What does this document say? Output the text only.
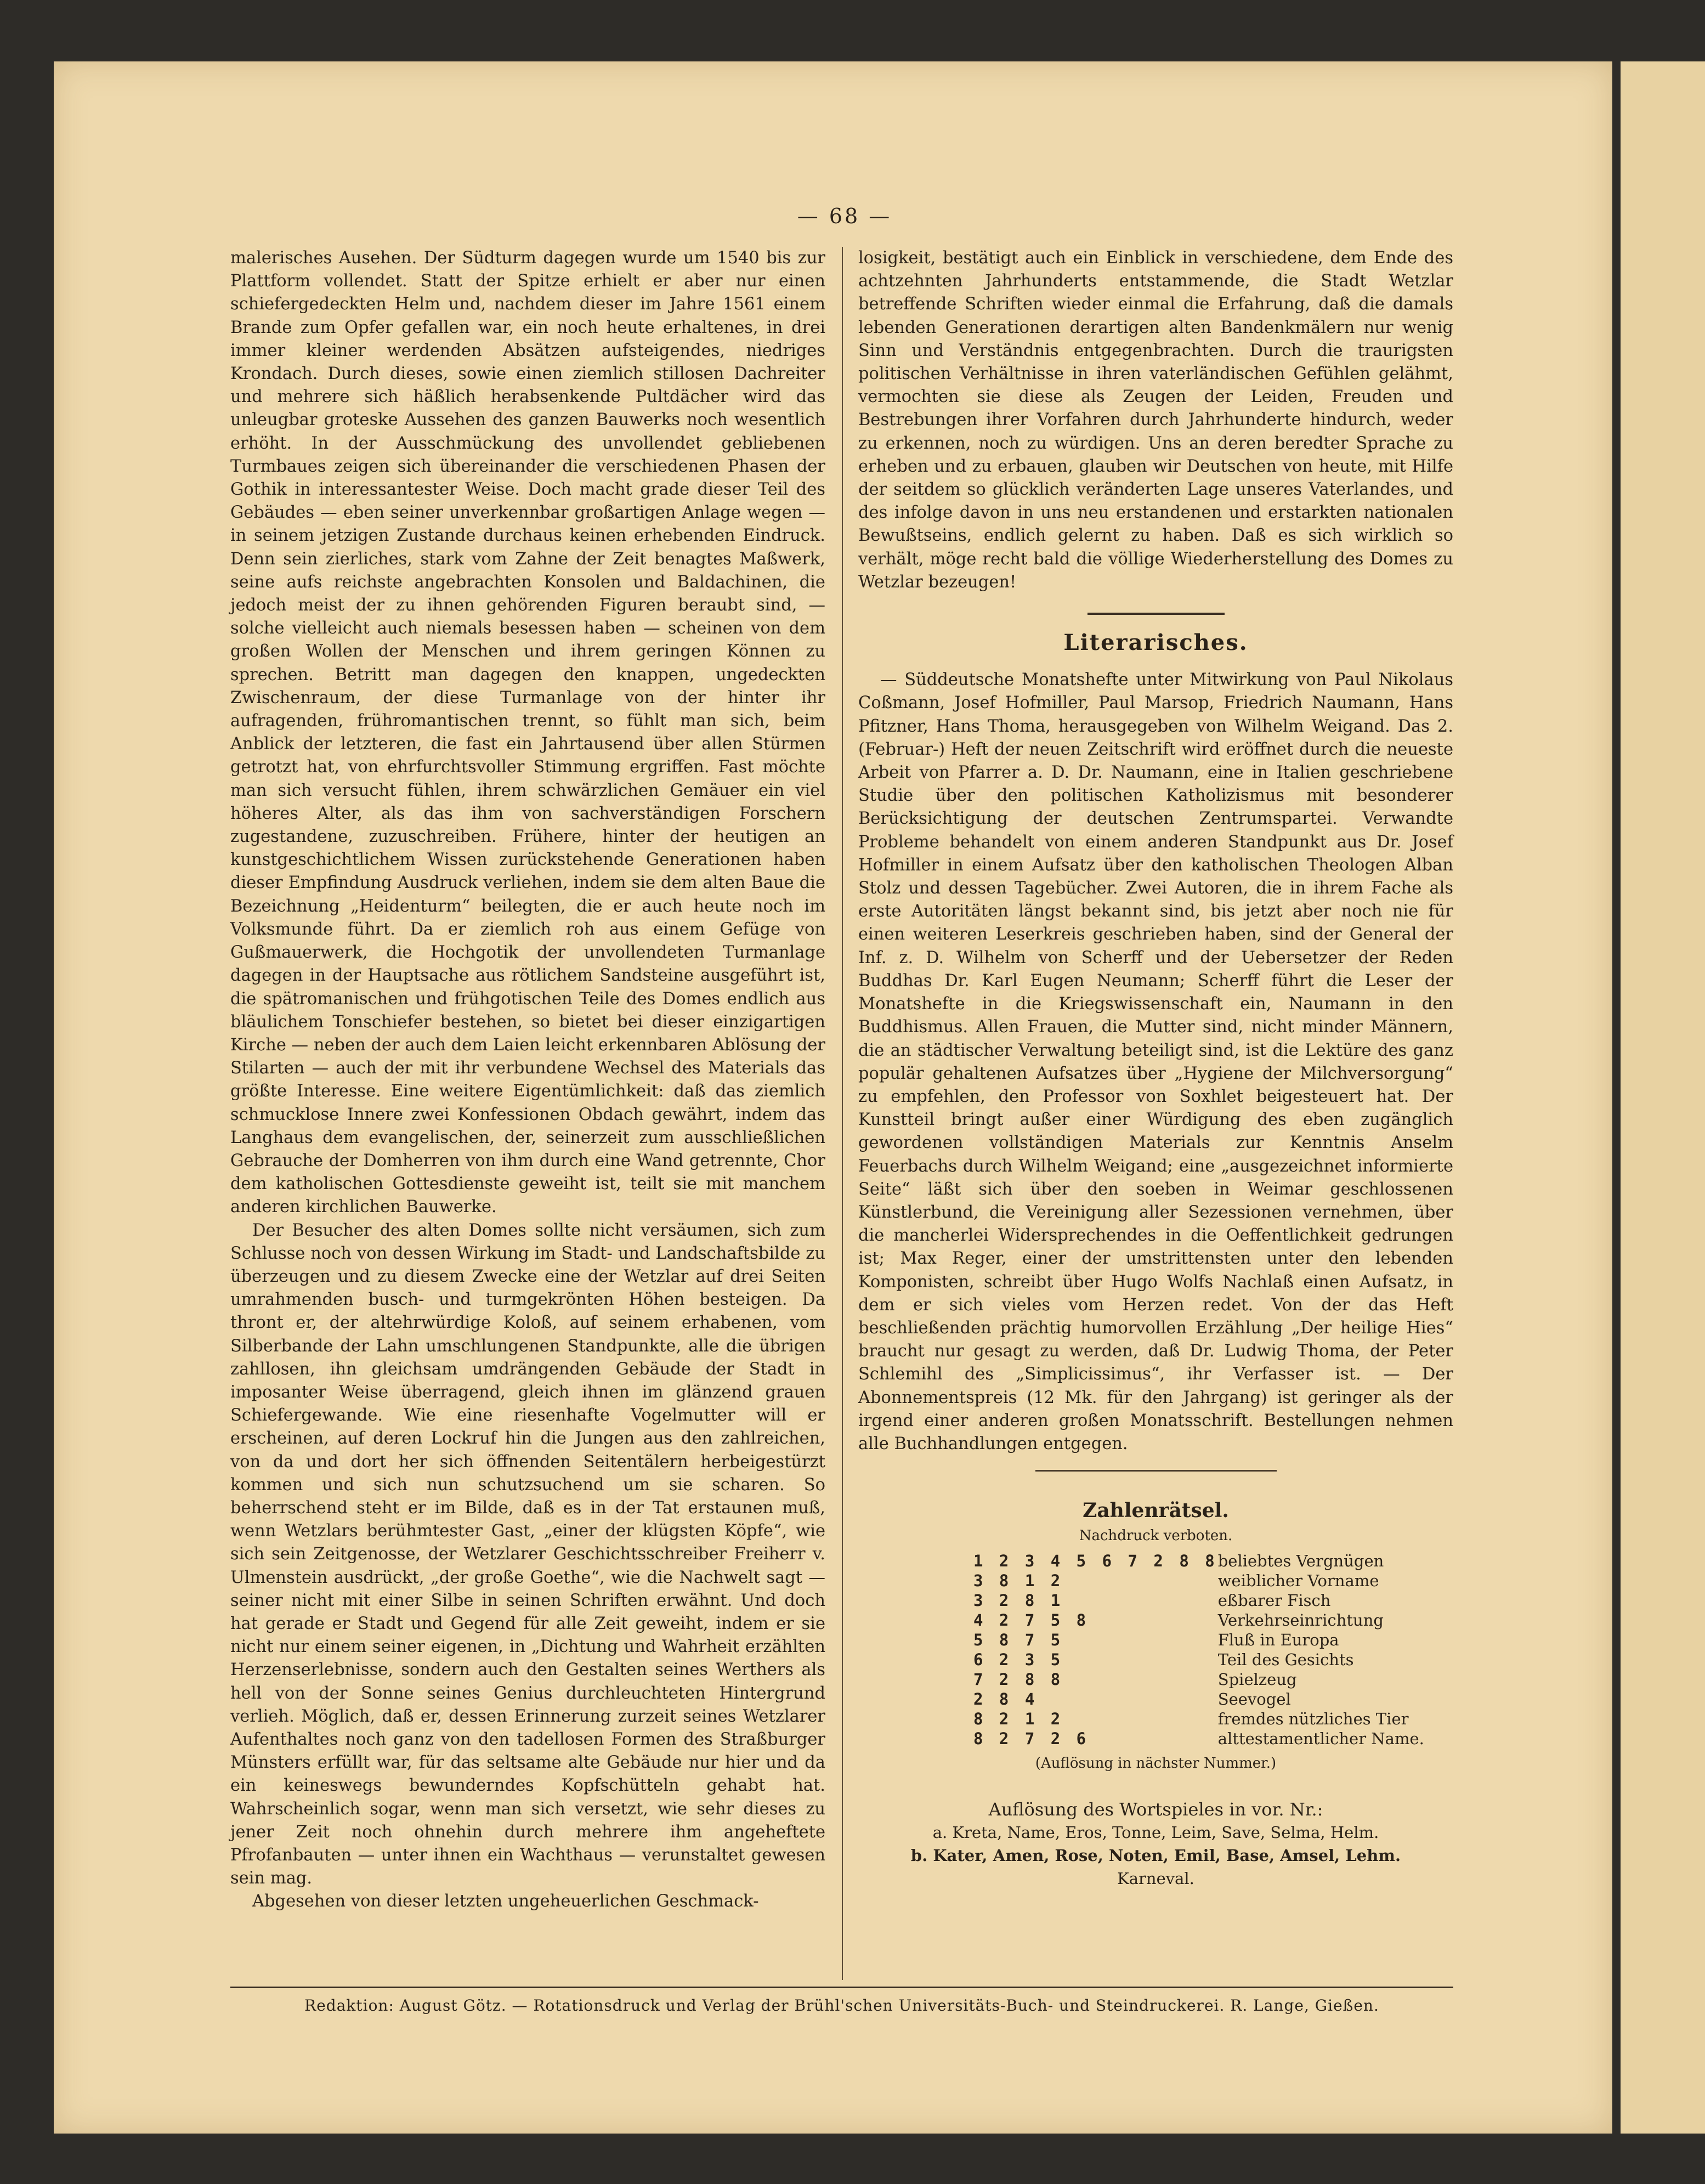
— 68 —

malerisches Ausehen. Der Südturm dagegen wurde um 1540 bis zur Plattform vollendet. Statt der Spitze erhielt er aber nur einen schiefergedeckten Helm und, nachdem dieser im Jahre 1561 einem Brande zum Opfer gefallen war, ein noch heute erhaltenes, in drei immer kleiner werdenden Absätzen aufsteigendes, niedriges Krondach. Durch dieses, sowie einen ziemlich stillosen Dachreiter und mehrere sich häßlich herabsenkende Pultdächer wird das unleugbar groteske Aussehen des ganzen Bauwerks noch wesentlich erhöht. In der Ausschmückung des unvollendet gebliebenen Turmbaues zeigen sich übereinander die verschiedenen Phasen der Gothik in interessantester Weise. Doch macht grade dieser Teil des Gebäudes — eben seiner unverkennbar großartigen Anlage wegen — in seinem jetzigen Zustande durchaus keinen erhebenden Eindruck. Denn sein zierliches, stark vom Zahne der Zeit benagtes Maßwerk, seine aufs reichste angebrachten Konsolen und Baldachinen, die jedoch meist der zu ihnen gehörenden Figuren beraubt sind, — solche vielleicht auch niemals besessen haben — scheinen von dem großen Wollen der Menschen und ihrem geringen Können zu sprechen. Betritt man dagegen den knappen, ungedeckten Zwischenraum, der diese Turmanlage von der hinter ihr aufragenden, frühromantischen trennt, so fühlt man sich, beim Anblick der letzteren, die fast ein Jahrtausend über allen Stürmen getrotzt hat, von ehrfurchtsvoller Stimmung ergriffen. Fast möchte man sich versucht fühlen, ihrem schwärzlichen Gemäuer ein viel höheres Alter, als das ihm von sachverständigen Forschern zugestandene, zuzuschreiben. Frühere, hinter der heutigen an kunstgeschichtlichem Wissen zurückstehende Generationen haben dieser Empfindung Ausdruck verliehen, indem sie dem alten Baue die Bezeichnung „Heidenturm“ beilegten, die er auch heute noch im Volksmunde führt. Da er ziemlich roh aus einem Gefüge von Gußmauerwerk, die Hochgotik der unvollendeten Turmanlage dagegen in der Hauptsache aus rötlichem Sandsteine ausgeführt ist, die spätromanischen und frühgotischen Teile des Domes endlich aus bläulichem Tonschiefer bestehen, so bietet bei dieser einzigartigen Kirche — neben der auch dem Laien leicht erkennbaren Ablösung der Stilarten — auch der mit ihr verbundene Wechsel des Materials das größte Interesse. Eine weitere Eigentümlichkeit: daß das ziemlich schmucklose Innere zwei Konfessionen Obdach gewährt, indem das Langhaus dem evangelischen, der, seinerzeit zum ausschließlichen Gebrauche der Domherren von ihm durch eine Wand getrennte, Chor dem katholischen Gottesdienste geweiht ist, teilt sie mit manchem anderen kirchlichen Bauwerke.

Der Besucher des alten Domes sollte nicht versäumen, sich zum Schlusse noch von dessen Wirkung im Stadt- und Landschaftsbilde zu überzeugen und zu diesem Zwecke eine der Wetzlar auf drei Seiten umrahmenden busch- und turmgekrönten Höhen besteigen. Da thront er, der altehrwürdige Koloß, auf seinem erhabenen, vom Silberbande der Lahn umschlungenen Standpunkte, alle die übrigen zahllosen, ihn gleichsam umdrängenden Gebäude der Stadt in imposanter Weise überragend, gleich ihnen im glänzend grauen Schiefergewande. Wie eine riesenhafte Vogelmutter will er erscheinen, auf deren Lockruf hin die Jungen aus den zahlreichen, von da und dort her sich öffnenden Seitentälern herbeigestürzt kommen und sich nun schutzsuchend um sie scharen. So beherrschend steht er im Bilde, daß es in der Tat erstaunen muß, wenn Wetzlars berühmtester Gast, „einer der klügsten Köpfe“, wie sich sein Zeitgenosse, der Wetzlarer Geschichtsschreiber Freiherr v. Ulmenstein ausdrückt, „der große Goethe“, wie die Nachwelt sagt — seiner nicht mit einer Silbe in seinen Schriften erwähnt. Und doch hat gerade er Stadt und Gegend für alle Zeit geweiht, indem er sie nicht nur einem seiner eigenen, in „Dichtung und Wahrheit erzählten Herzenserlebnisse, sondern auch den Gestalten seines Werthers als hell von der Sonne seines Genius durchleuchteten Hintergrund verlieh. Möglich, daß er, dessen Erinnerung zurzeit seines Wetzlarer Aufenthaltes noch ganz von den tadellosen Formen des Straßburger Münsters erfüllt war, für das seltsame alte Gebäude nur hier und da ein keineswegs bewunderndes Kopfschütteln gehabt hat. Wahrscheinlich sogar, wenn man sich versetzt, wie sehr dieses zu jener Zeit noch ohnehin durch mehrere ihm angeheftete Pfrofanbauten — unter ihnen ein Wachthaus — verunstaltet gewesen sein mag.

Abgesehen von dieser letzten ungeheuerlichen Geschmack-

losigkeit, bestätigt auch ein Einblick in verschiedene, dem Ende des achtzehnten Jahrhunderts entstammende, die Stadt Wetzlar betreffende Schriften wieder einmal die Erfahrung, daß die damals lebenden Generationen derartigen alten Bandenkmälern nur wenig Sinn und Verständnis entgegenbrachten. Durch die traurigsten politischen Verhältnisse in ihren vaterländischen Gefühlen gelähmt, vermochten sie diese als Zeugen der Leiden, Freuden und Bestrebungen ihrer Vorfahren durch Jahrhunderte hindurch, weder zu erkennen, noch zu würdigen. Uns an deren beredter Sprache zu erheben und zu erbauen, glauben wir Deutschen von heute, mit Hilfe der seitdem so glücklich veränderten Lage unseres Vaterlandes, und des infolge davon in uns neu erstandenen und erstarkten nationalen Bewußtseins, endlich gelernt zu haben. Daß es sich wirklich so verhält, möge recht bald die völlige Wiederherstellung des Domes zu Wetzlar bezeugen!

Literarisches.

— Süddeutsche Monatshefte unter Mitwirkung von Paul Nikolaus Coßmann, Josef Hofmiller, Paul Marsop, Friedrich Naumann, Hans Pfitzner, Hans Thoma, herausgegeben von Wilhelm Weigand. Das 2. (Februar-) Heft der neuen Zeitschrift wird eröffnet durch die neueste Arbeit von Pfarrer a. D. Dr. Naumann, eine in Italien geschriebene Studie über den politischen Katholizismus mit besonderer Berücksichtigung der deutschen Zentrumspartei. Verwandte Probleme behandelt von einem anderen Standpunkt aus Dr. Josef Hofmiller in einem Aufsatz über den katholischen Theologen Alban Stolz und dessen Tagebücher. Zwei Autoren, die in ihrem Fache als erste Autoritäten längst bekannt sind, bis jetzt aber noch nie für einen weiteren Leserkreis geschrieben haben, sind der General der Inf. z. D. Wilhelm von Scherff und der Uebersetzer der Reden Buddhas Dr. Karl Eugen Neumann; Scherff führt die Leser der Monatshefte in die Kriegswissenschaft ein, Naumann in den Buddhismus. Allen Frauen, die Mutter sind, nicht minder Männern, die an städtischer Verwaltung beteiligt sind, ist die Lektüre des ganz populär gehaltenen Aufsatzes über „Hygiene der Milchversorgung“ zu empfehlen, den Professor von Soxhlet beigesteuert hat. Der Kunstteil bringt außer einer Würdigung des eben zugänglich gewordenen vollständigen Materials zur Kenntnis Anselm Feuerbachs durch Wilhelm Weigand; eine „ausgezeichnet informierte Seite“ läßt sich über den soeben in Weimar geschlossenen Künstlerbund, die Vereinigung aller Sezessionen vernehmen, über die mancherlei Widersprechendes in die Oeffentlichkeit gedrungen ist; Max Reger, einer der umstrittensten unter den lebenden Komponisten, schreibt über Hugo Wolfs Nachlaß einen Aufsatz, in dem er sich vieles vom Herzen redet. Von der das Heft beschließenden prächtig humorvollen Erzählung „Der heilige Hies“ braucht nur gesagt zu werden, daß Dr. Ludwig Thoma, der Peter Schlemihl des „Simplicissimus“, ihr Verfasser ist. — Der Abonnementspreis (12 Mk. für den Jahrgang) ist geringer als der irgend einer anderen großen Monatsschrift. Bestellungen nehmen alle Buchhandlungen entgegen.

Zahlenrätsel.
Nachdruck verboten.
1 2 3 4 5 6 7 2 8 8	beliebtes Vergnügen
3 8 1 2	weiblicher Vorname
3 2 8 1	eßbarer Fisch
4 2 7 5 8	Verkehrseinrichtung
5 8 7 5	Fluß in Europa
6 2 3 5	Teil des Gesichts
7 2 8 8	Spielzeug
2 8 4	Seevogel
8 2 1 2	fremdes nützliches Tier
8 2 7 2 6	alttestamentlicher Name.
(Auflösung in nächster Nummer.)
Auflösung des Wortspieles in vor. Nr.:
a. Kreta, Name, Eros, Tonne, Leim, Save, Selma, Helm.
b. Kater, Amen, Rose, Noten, Emil, Base, Amsel, Lehm.
Karneval.
Redaktion: August Götz. — Rotationsdruck und Verlag der Brühl'schen Universitäts-Buch- und Steindruckerei. R. Lange, Gießen.
